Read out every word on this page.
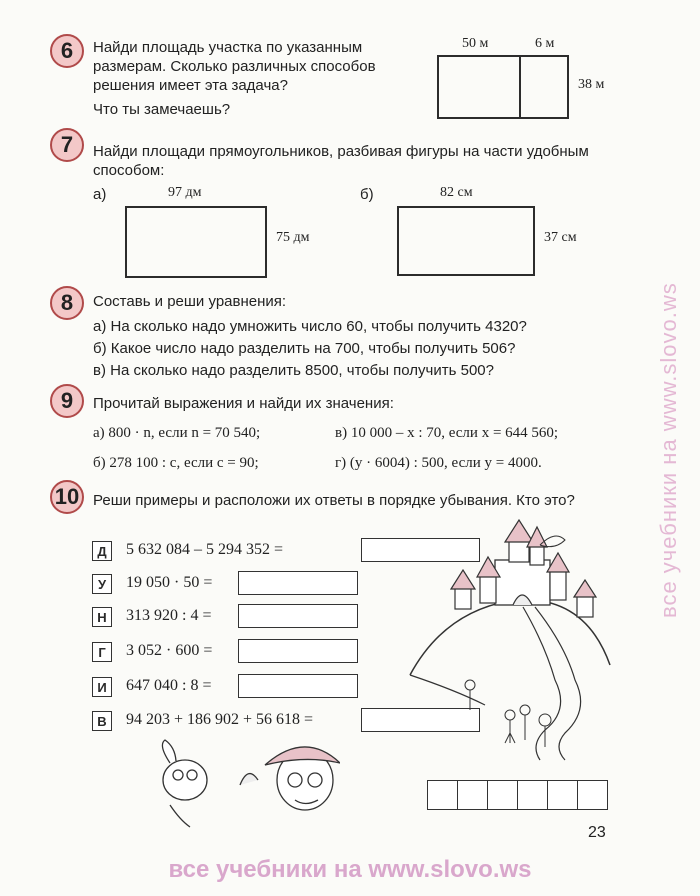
6	Найди площадь участка по указанным размерам. Сколько различных способов решения имеет эта задача?
Что ты замечаешь?
50 м	6 м
38 м
7	Найди площади прямоугольников, разбивая фигуры на части удобным способом:
а)	97 дм
75 дм
б)	82 см
37 см
8	Составь и реши уравнения:
а) На сколько надо умножить число 60, чтобы получить 4320?
б) Какое число надо разделить на 700, чтобы получить 506?
в) На сколько надо разделить 8500, чтобы получить 500?
9	Прочитай выражения и найди их значения:
а) 800 · n, если n = 70 540;	в) 10 000 – x : 70, если x = 644 560;
б) 278 100 : c, если c = 90;	г) (y · 6004) : 500, если y = 4000.
10 Реши примеры и расположи их ответы в порядке убывания. Кто это?
Д	5 632 084 – 5 294 352 =
У	19 050 · 50 =
Н	313 920 : 4 =
Г	3 052 · 600 =
И	647 040 : 8 =
В	94 203 + 186 902 + 56 618 =
23
все учебники на www.slovo.ws
все учебники на www.slovo.ws
